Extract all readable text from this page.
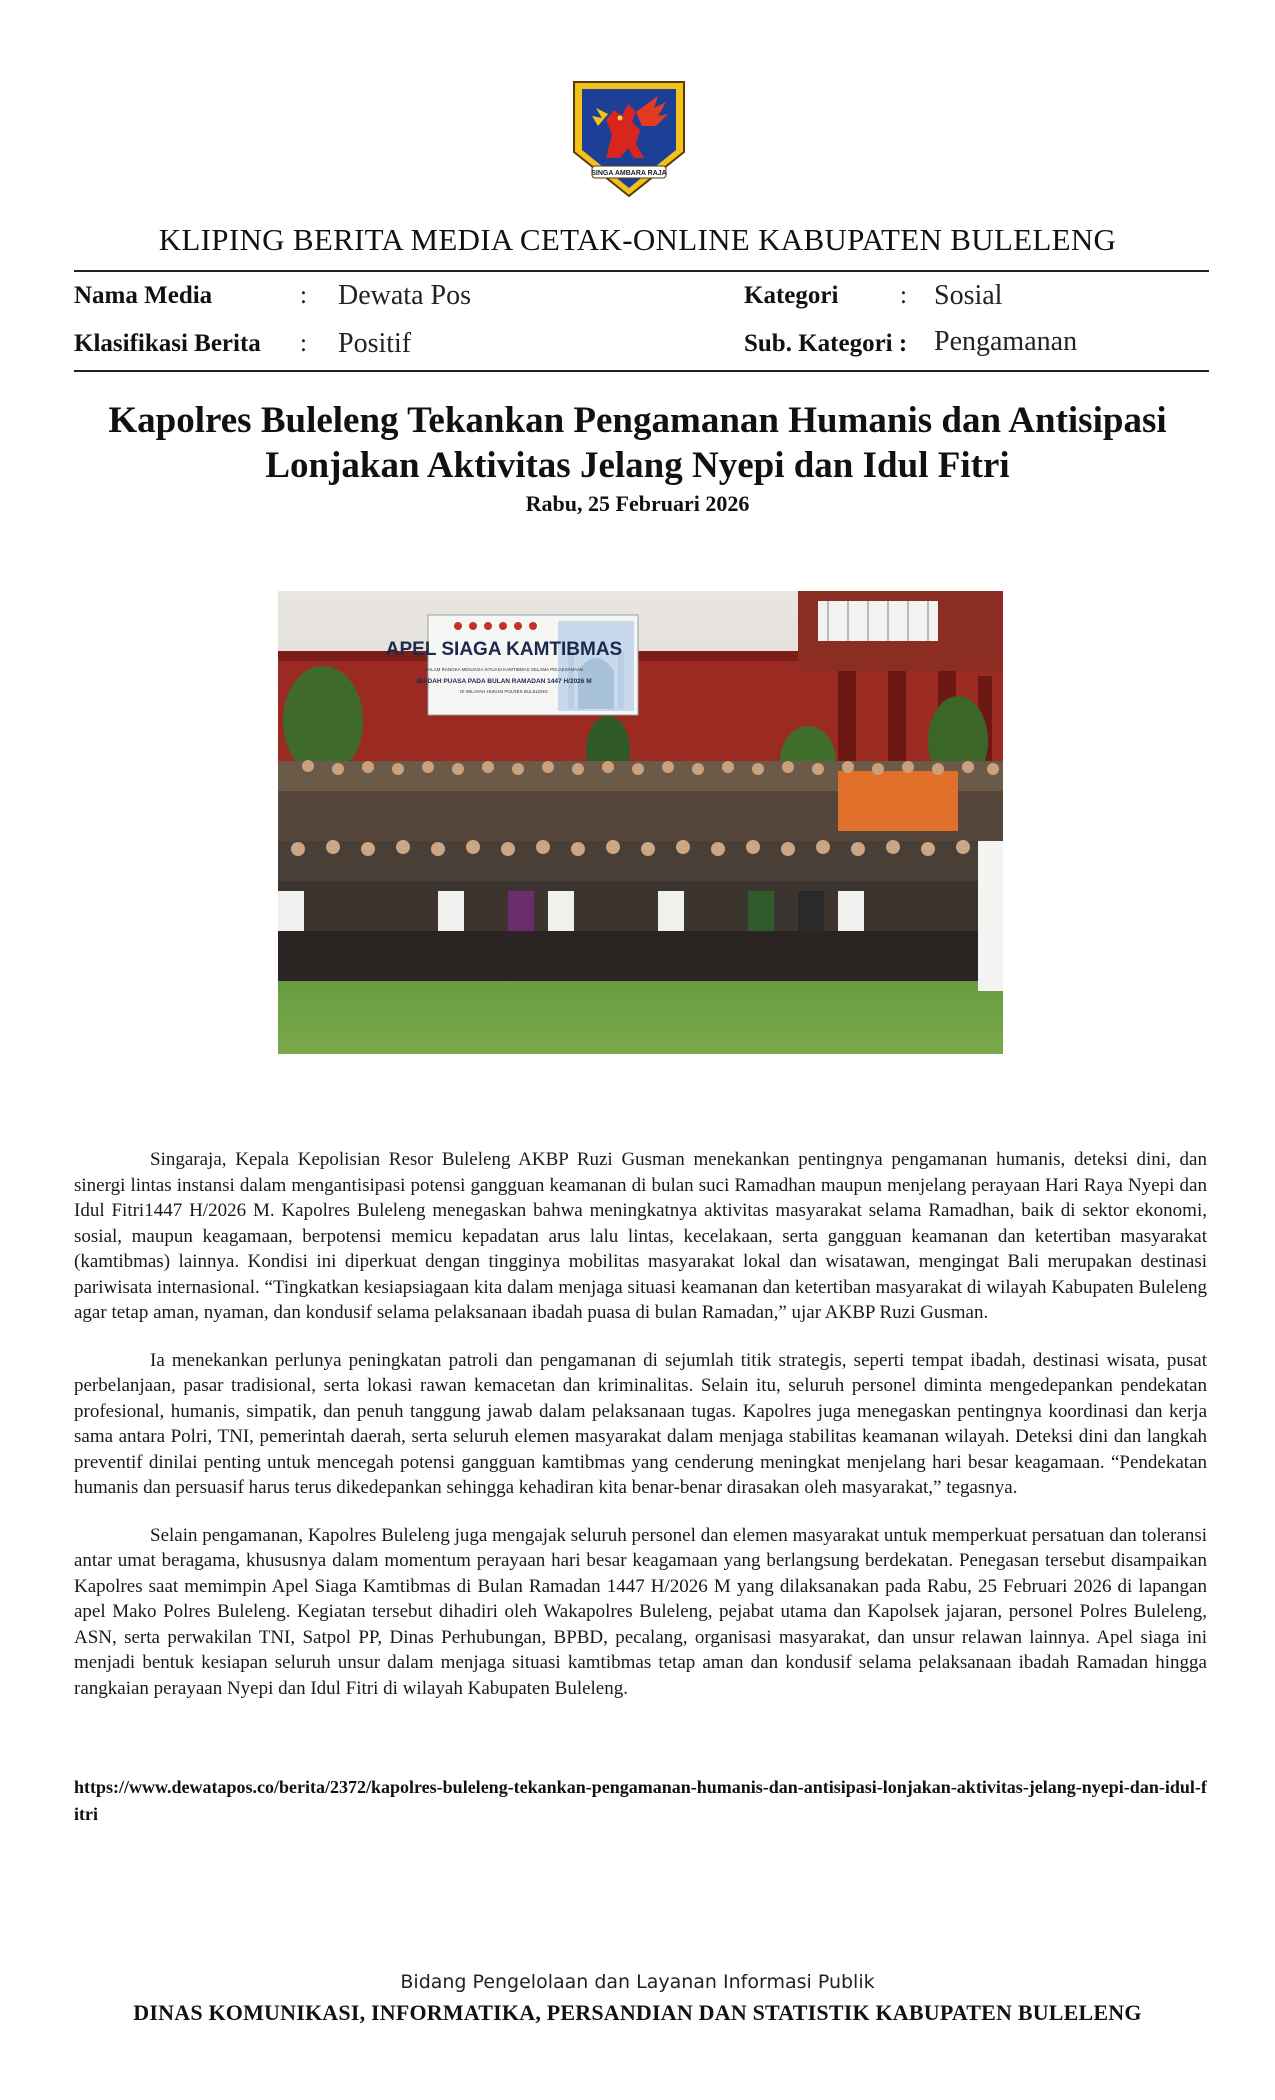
SINGA AMBARA RAJA
KLIPING BERITA MEDIA CETAK-ONLINE KABUPATEN BULELENG
Nama Media	: Dewata Pos	Kategori : Sosial
Klasifikasi Berita : Positif	Sub. Kategori : Pengamanan
Kapolres Buleleng Tekankan Pengamanan Humanis dan Antisipasi
Lonjakan Aktivitas Jelang Nyepi dan Idul Fitri
Rabu, 25 Februari 2026
APEL SIAGA KAMTIBMAS
DALAM RANGKA MENJAGA SITUASI KAMTIBMAS SELAMA PELAKSANAAN
IBADAH PUASA PADA BULAN RAMADAN 1447 H/2026 M
DI WILAYAH HUKUM POLRES BULELENG

Singaraja, Kepala Kepolisian Resor Buleleng AKBP Ruzi Gusman menekankan pentingnya pengamanan humanis, deteksi dini, dan sinergi lintas instansi dalam mengantisipasi potensi gangguan keamanan di bulan suci Ramadhan maupun menjelang perayaan Hari Raya Nyepi dan Idul Fitri1447 H/2026 M. Kapolres Buleleng menegaskan bahwa meningkatnya aktivitas masyarakat selama Ramadhan, baik di sektor ekonomi, sosial, maupun keagamaan, berpotensi memicu kepadatan arus lalu lintas, kecelakaan, serta gangguan keamanan dan ketertiban masyarakat (kamtibmas) lainnya. Kondisi ini diperkuat dengan tingginya mobilitas masyarakat lokal dan wisatawan, mengingat Bali merupakan destinasi pariwisata internasional. “Tingkatkan kesiapsiagaan kita dalam menjaga situasi keamanan dan ketertiban masyarakat di wilayah Kabupaten Buleleng agar tetap aman, nyaman, dan kondusif selama pelaksanaan ibadah puasa di bulan Ramadan,” ujar AKBP Ruzi Gusman.

Ia menekankan perlunya peningkatan patroli dan pengamanan di sejumlah titik strategis, seperti tempat ibadah, destinasi wisata, pusat perbelanjaan, pasar tradisional, serta lokasi rawan kemacetan dan kriminalitas. Selain itu, seluruh personel diminta mengedepankan pendekatan profesional, humanis, simpatik, dan penuh tanggung jawab dalam pelaksanaan tugas. Kapolres juga menegaskan pentingnya koordinasi dan kerja sama antara Polri, TNI, pemerintah daerah, serta seluruh elemen masyarakat dalam menjaga stabilitas keamanan wilayah. Deteksi dini dan langkah preventif dinilai penting untuk mencegah potensi gangguan kamtibmas yang cenderung meningkat menjelang hari besar keagamaan. “Pendekatan humanis dan persuasif harus terus dikedepankan sehingga kehadiran kita benar-benar dirasakan oleh masyarakat,” tegasnya.

Selain pengamanan, Kapolres Buleleng juga mengajak seluruh personel dan elemen masyarakat untuk memperkuat persatuan dan toleransi antar umat beragama, khususnya dalam momentum perayaan hari besar keagamaan yang berlangsung berdekatan. Penegasan tersebut disampaikan Kapolres saat memimpin Apel Siaga Kamtibmas di Bulan Ramadan 1447 H/2026 M yang dilaksanakan pada Rabu, 25 Februari 2026 di lapangan apel Mako Polres Buleleng. Kegiatan tersebut dihadiri oleh Wakapolres Buleleng, pejabat utama dan Kapolsek jajaran, personel Polres Buleleng, ASN, serta perwakilan TNI, Satpol PP, Dinas Perhubungan, BPBD, pecalang, organisasi masyarakat, dan unsur relawan lainnya. Apel siaga ini menjadi bentuk kesiapan seluruh unsur dalam menjaga situasi kamtibmas tetap aman dan kondusif selama pelaksanaan ibadah Ramadan hingga rangkaian perayaan Nyepi dan Idul Fitri di wilayah Kabupaten Buleleng.

https://www.dewatapos.co/berita/2372/kapolres-buleleng-tekankan-pengamanan-humanis-dan-antisipasi-lonjakan-aktivitas-jelang-nyepi-dan-idul-fitri
Bidang Pengelolaan dan Layanan Informasi Publik
DINAS KOMUNIKASI, INFORMATIKA, PERSANDIAN DAN STATISTIK KABUPATEN BULELENG
